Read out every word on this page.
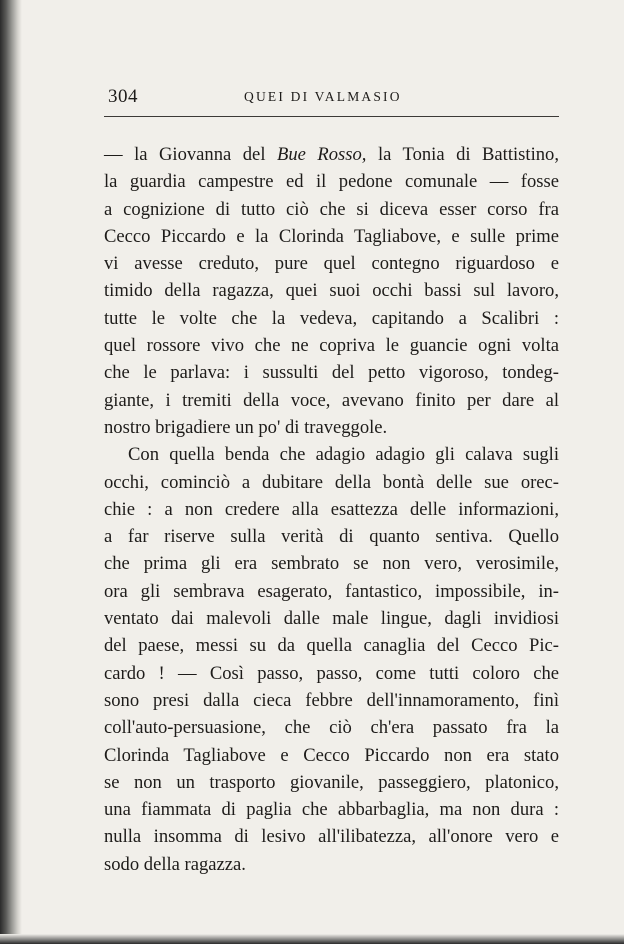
304	QUEI DI VALMASIO
— la Giovanna del Bue Rosso, la Tonia di Battistino,
la guardia campestre ed il pedone comunale — fosse
a cognizione di tutto ciò che si diceva esser corso fra
Cecco Piccardo e la Clorinda Tagliabove, e sulle prime
vi avesse creduto, pure quel contegno riguardoso e
timido della ragazza, quei suoi occhi bassi sul lavoro,
tutte le volte che la vedeva, capitando a Scalibri :
quel rossore vivo che ne copriva le guancie ogni volta
che le parlava: i sussulti del petto vigoroso, tondeg-
giante, i tremiti della voce, avevano finito per dare al
nostro brigadiere un po' di traveggole.
Con quella benda che adagio adagio gli calava sugli
occhi, cominciò a dubitare della bontà delle sue orec-
chie : a non credere alla esattezza delle informazioni,
a far riserve sulla verità di quanto sentiva. Quello
che prima gli era sembrato se non vero, verosimile,
ora gli sembrava esagerato, fantastico, impossibile, in-
ventato dai malevoli dalle male lingue, dagli invidiosi
del paese, messi su da quella canaglia del Cecco Pic-
cardo ! — Così passo, passo, come tutti coloro che
sono presi dalla cieca febbre dell'innamoramento, finì
coll'auto-persuasione, che ciò ch'era passato fra la
Clorinda Tagliabove e Cecco Piccardo non era stato
se non un trasporto giovanile, passeggiero, platonico,
una fiammata di paglia che abbarbaglia, ma non dura :
nulla insomma di lesivo all'ilibatezza, all'onore vero e
sodo della ragazza.
